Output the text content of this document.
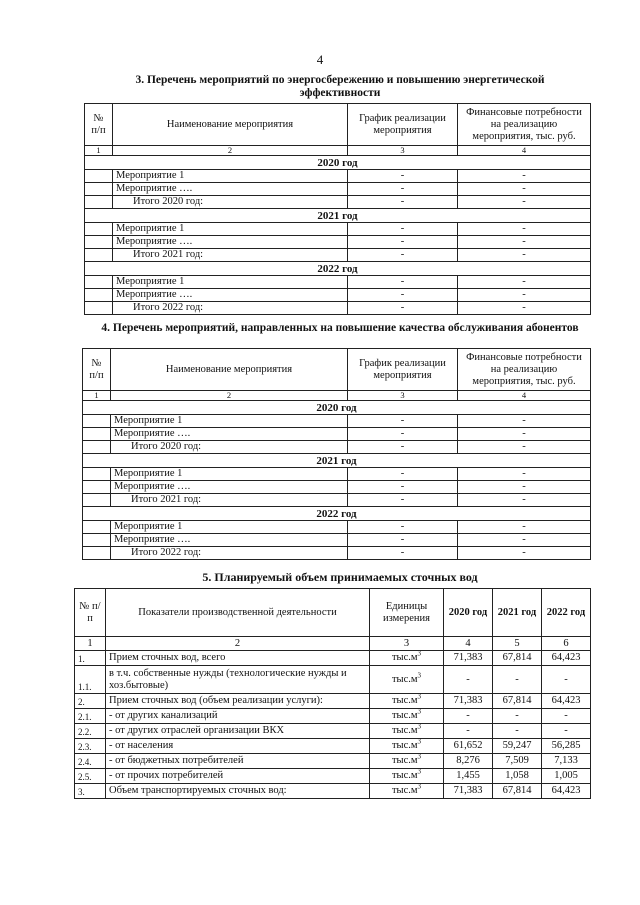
4
3. Перечень мероприятий по энергосбережению и повышению энергетической эффективности
№ п/п	Наименование мероприятия	График реализации мероприятия	Финансовые потребности на реализацию мероприятия, тыс. руб.
1	2	3	4
2020 год			
	Мероприятие 1	-	-
	Мероприятие ….	-	-
	Итого 2020 год:	-	-
2021 год			
	Мероприятие 1	-	-
	Мероприятие ….	-	-
	Итого 2021 год:	-	-
2022 год			
	Мероприятие 1	-	-
	Мероприятие ….	-	-
	Итого 2022 год:	-	-
4. Перечень мероприятий, направленных на повышение качества обслуживания абонентов
№ п/п	Наименование мероприятия	График реализации мероприятия	Финансовые потребности на реализацию мероприятия, тыс. руб.
1	2	3	4
2020 год			
	Мероприятие 1	-	-
	Мероприятие ….	-	-
	Итого 2020 год:	-	-
2021 год			
	Мероприятие 1	-	-
	Мероприятие ….	-	-
	Итого 2021 год:	-	-
2022 год			
	Мероприятие 1	-	-
	Мероприятие ….	-	-
	Итого 2022 год:	-	-
5. Планируемый объем принимаемых сточных вод
№ п/п	Показатели производственной деятельности	Единицы измерения	2020 год	2021 год	2022 год
1	2	3	4	5	6
1.	Прием сточных вод, всего	$тыс.м^3$	71,383	67,814	64,423
1.1.	в т.ч. собственные нужды (технологические нужды и хоз.бытовые)	$тыс.м^3$	-	-	-
2.	Прием сточных вод (объем реализации услуги):	$тыс.м^3$	71,383	67,814	64,423
2.1.	- от других канализаций	$тыс.м^3$	-	-	-
2.2.	- от других отраслей организации ВКХ	$тыс.м^3$	-	-	-
2.3.	- от населения	$тыс.м^3$	61,652	59,247	56,285
2.4.	- от бюджетных потребителей	$тыс.м^3$	8,276	7,509	7,133
2.5.	- от прочих потребителей	$тыс.м^3$	1,455	1,058	1,005
3.	Объем транспортируемых сточных вод:	$тыс.м^3$	71,383	67,814	64,423
